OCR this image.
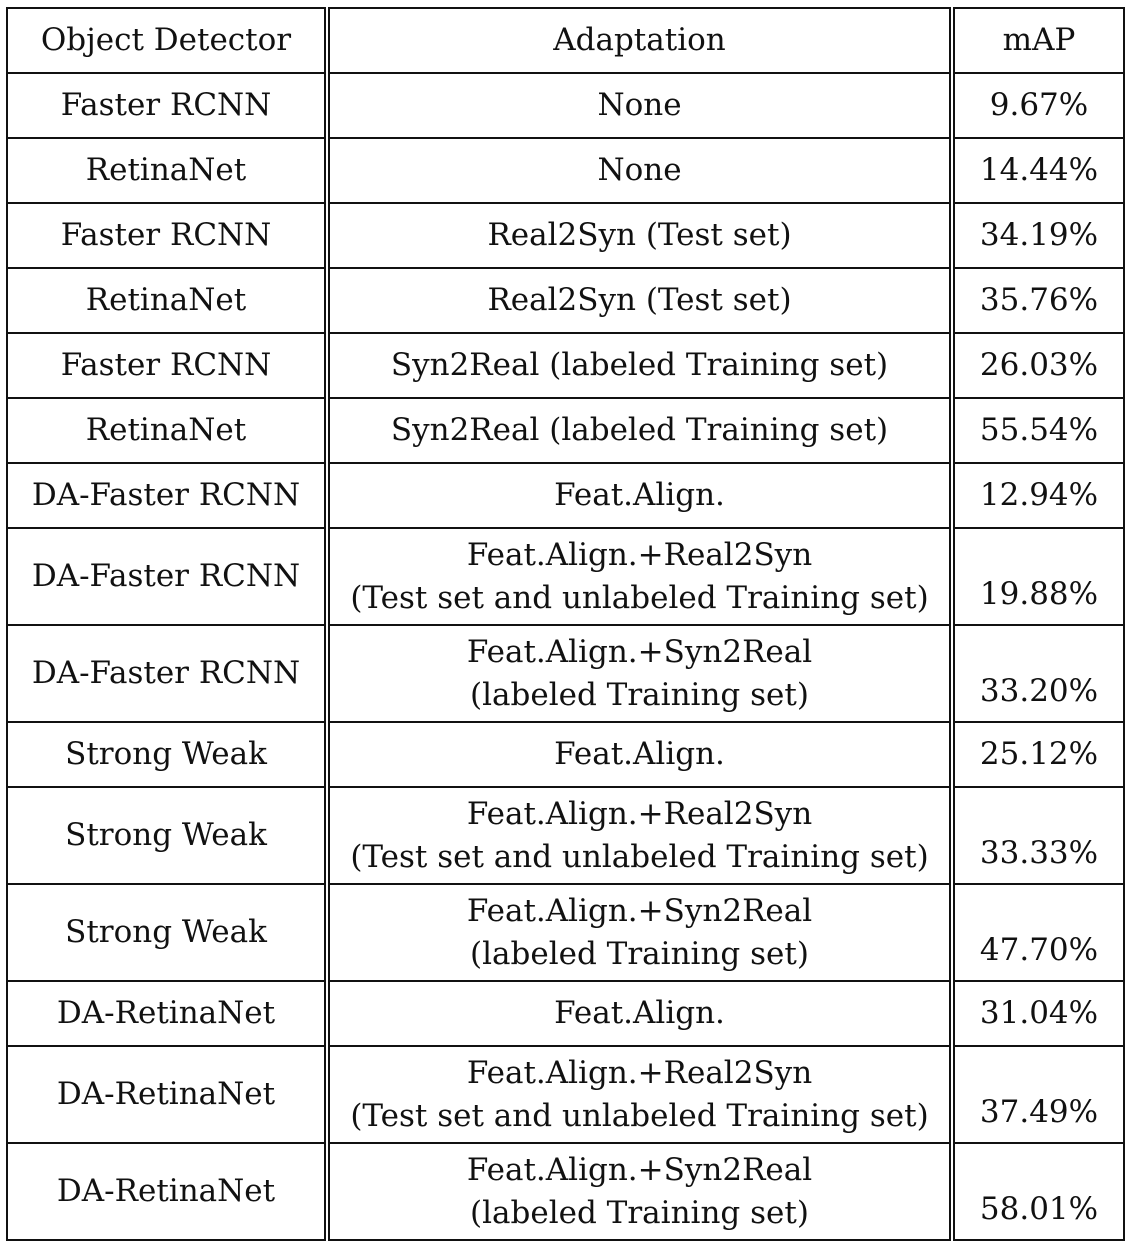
Object Detector	Adaptation	mAP
Faster RCNN	None	9.67%
RetinaNet	None	14.44%
Faster RCNN	Real2Syn (Test set)	34.19%
RetinaNet	Real2Syn (Test set)	35.76%
Faster RCNN	Syn2Real (labeled Training set)	26.03%
RetinaNet	Syn2Real (labeled Training set)	55.54%
DA-Faster RCNN	Feat.Align.	12.94%
DA-Faster RCNN	Feat.Align.+Real2Syn
(Test set and unlabeled Training set)	19.88%
DA-Faster RCNN	Feat.Align.+Syn2Real
(labeled Training set)	33.20%
Strong Weak	Feat.Align.	25.12%
Strong Weak	Feat.Align.+Real2Syn
(Test set and unlabeled Training set)	33.33%
Strong Weak	Feat.Align.+Syn2Real
(labeled Training set)	47.70%
DA-RetinaNet	Feat.Align.	31.04%
DA-RetinaNet	Feat.Align.+Real2Syn
(Test set and unlabeled Training set)	37.49%
DA-RetinaNet	Feat.Align.+Syn2Real
(labeled Training set)	58.01%
